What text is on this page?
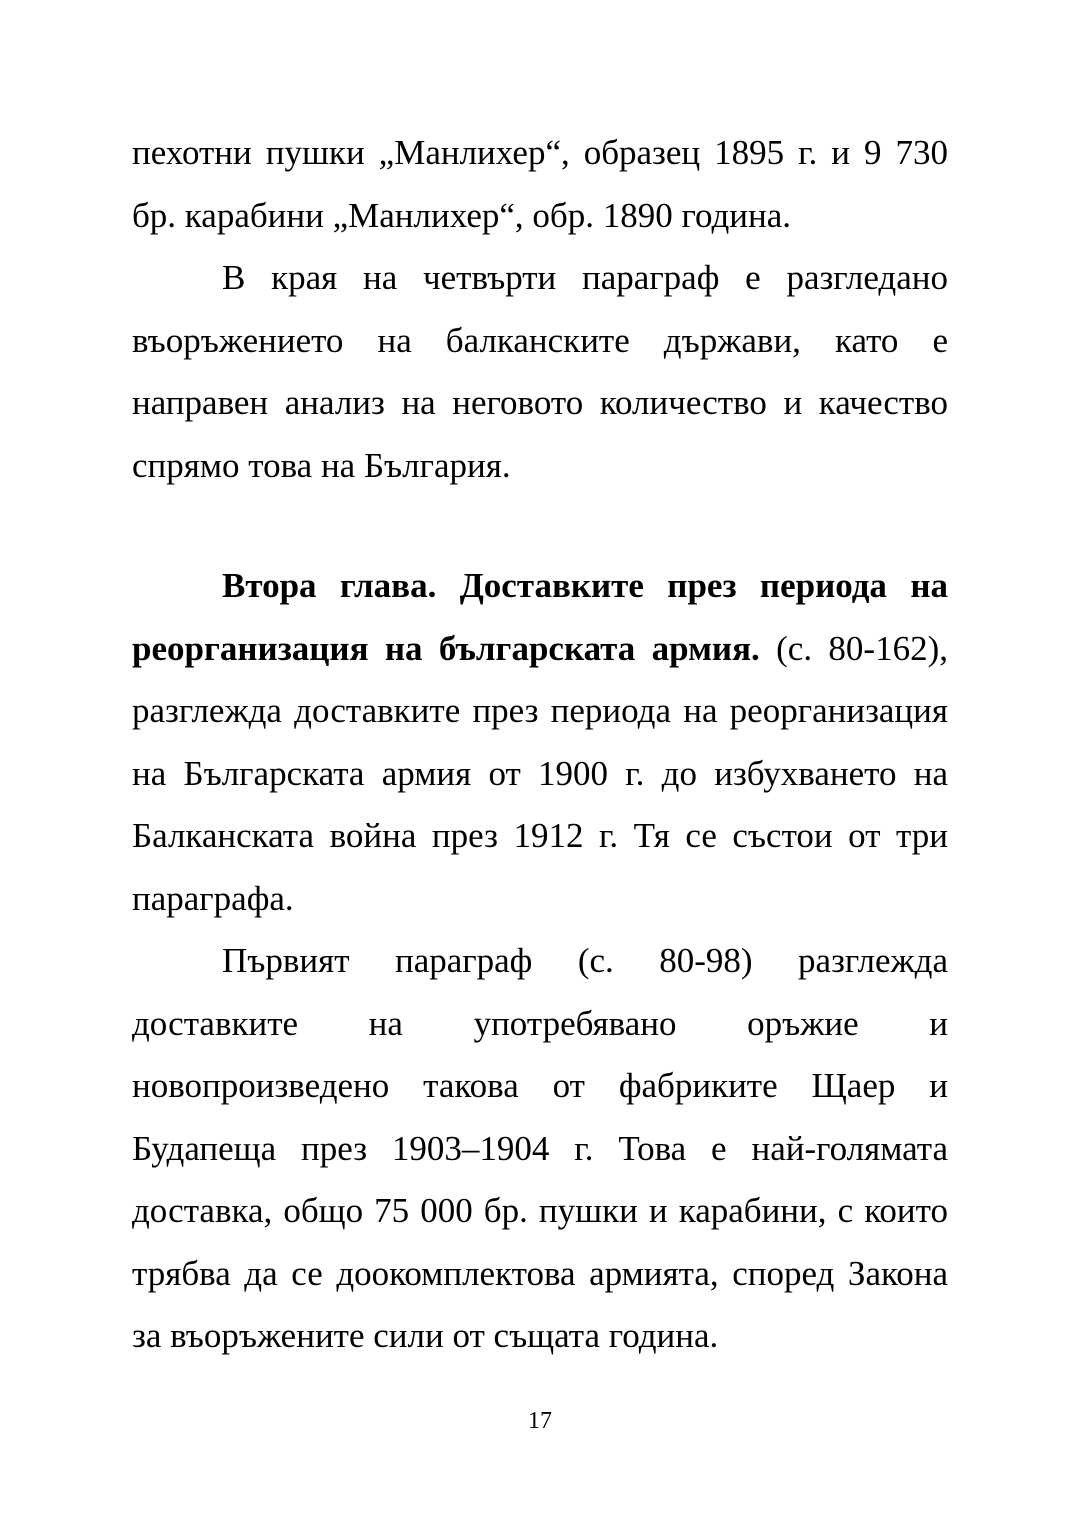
пехотни пушки „Манлихер“, образец 1895 г. и 9 730 бр. карабини „Манлихер“, обр. 1890 година.

В края на четвърти параграф е разгледано въоръжението на балканските държави, като е направен анализ на неговото количество и качество спрямо това на България.

Втора глава. Доставките през периода на реорганизация на българската армия. (с. 80-162), разглежда доставките през периода на реорганизация на Българската армия от 1900 г. до избухването на Балканската война през 1912 г. Тя се състои от три параграфа.

Първият параграф (с. 80-98) разглежда доставките на употребявано оръжие и новопроизведено такова от фабриките Щаер и Будапеща през 1903–1904 г. Това е най-голямата доставка, общо 75 000 бр. пушки и карабини, с които трябва да се доокомплектова армията, според Закона за въоръжените сили от същата година.

17
